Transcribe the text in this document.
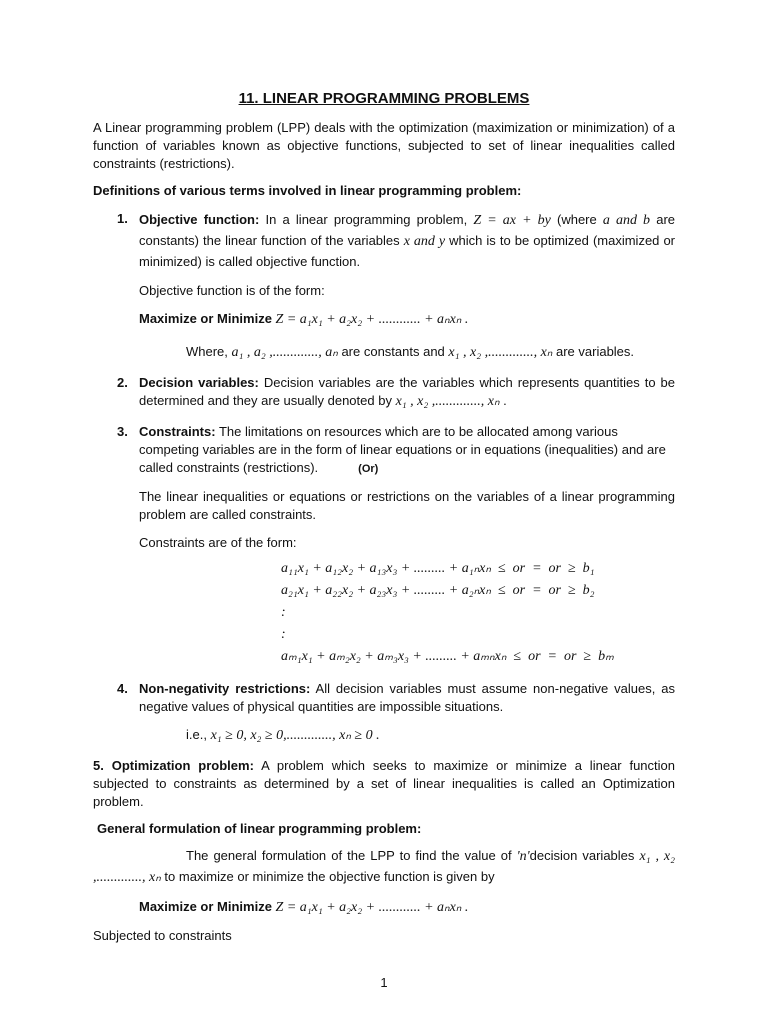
11. LINEAR PROGRAMMING PROBLEMS
A Linear programming problem (LPP) deals with the optimization (maximization or minimization) of a function of variables known as objective functions, subjected to set of linear inequalities called constraints (restrictions).
Definitions of various terms involved in linear programming problem:
1. Objective function: In a linear programming problem, Z = ax + by (where a and b are constants) the linear function of the variables x and y which is to be optimized (maximized or minimized) is called objective function.
Objective function is of the form:
Maximize or Minimize Z = a₁x₁ + a₂x₂ + ............ + aₙxₙ .
Where, a₁ , a₂ ,............., aₙ are constants and x₁ , x₂ ,............., xₙ are variables.
2. Decision variables: Decision variables are the variables which represents quantities to be determined and they are usually denoted by x₁ , x₂ ,............., xₙ .
3. Constraints: The limitations on resources which are to be allocated among various competing variables are in the form of linear equations or in equations (inequalities) and are called constraints (restrictions).	(Or)
The linear inequalities or equations or restrictions on the variables of a linear programming problem are called constraints.
Constraints are of the form:
a₁₁x₁ + a₁₂x₂ + a₁₃x₃ + ......... + a₁ₙxₙ  ≤  or  =  or  ≥  b₁
a₂₁x₁ + a₂₂x₂ + a₂₃x₃ + ......... + a₂ₙxₙ  ≤  or  =  or  ≥  b₂
:
:
aₘ₁x₁ + aₘ₂x₂ + aₘ₃x₃ + ......... + aₘₙxₙ  ≤  or  =  or  ≥  bₘ
4. Non-negativity restrictions: All decision variables must assume non-negative values, as negative values of physical quantities are impossible situations.
i.e., x₁ ≥ 0, x₂ ≥ 0,............., xₙ ≥ 0 .
5. Optimization problem: A problem which seeks to maximize or minimize a linear function subjected to constraints as determined by a set of linear inequalities is called an Optimization problem.
General formulation of linear programming problem:
The general formulation of the LPP to find the value of 'n'decision variables x₁ , x₂ ,............., xₙ to maximize or minimize the objective function is given by
Maximize or Minimize Z = a₁x₁ + a₂x₂ + ............ + aₙxₙ .
Subjected to constraints
1
